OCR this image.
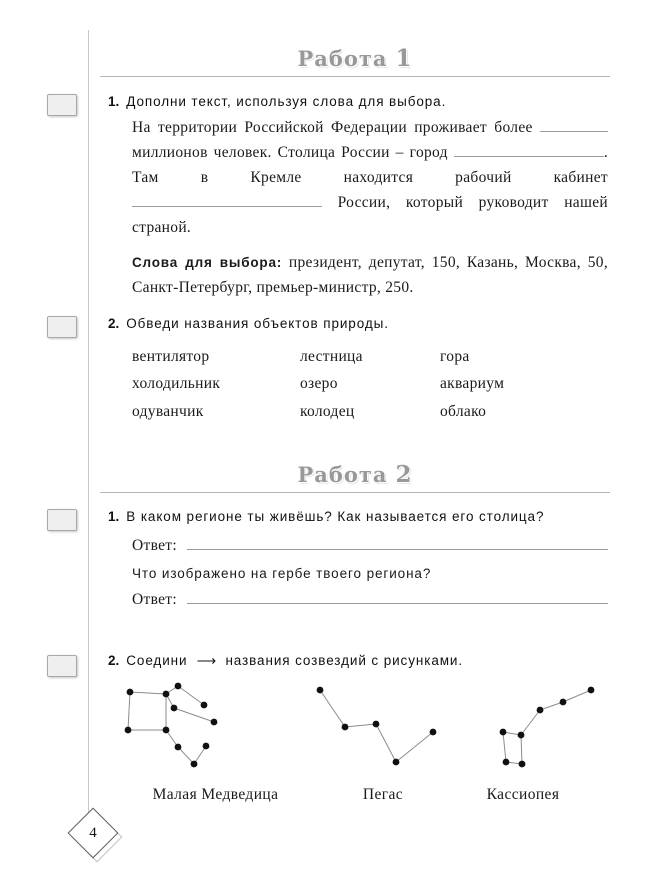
Работа 1
1. Дополни текст, используя слова для выбора.
На территории Российской Федерации проживает более  миллионов человек. Столица России – город	. Там в Кремле находится рабочий кабинет  России, который руководит нашей страной.
Слова для выбора: президент, депутат, 150, Казань, Москва, 50, Санкт-Петербург, премьер-министр, 250.
2. Обведи названия объектов природы.
вентилятор	лестница	гора
холодильник	озеро	аквариум
одуванчик	колодец	облако
Работа 2
1. В каком регионе ты живёшь? Как называется его столица?
Ответ:
Что изображено на гербе твоего региона?
Ответ:
2. Соедини ⟶ названия созвездий с рисунками.
Малая Медведица	Пегас	Кассиопея
4
